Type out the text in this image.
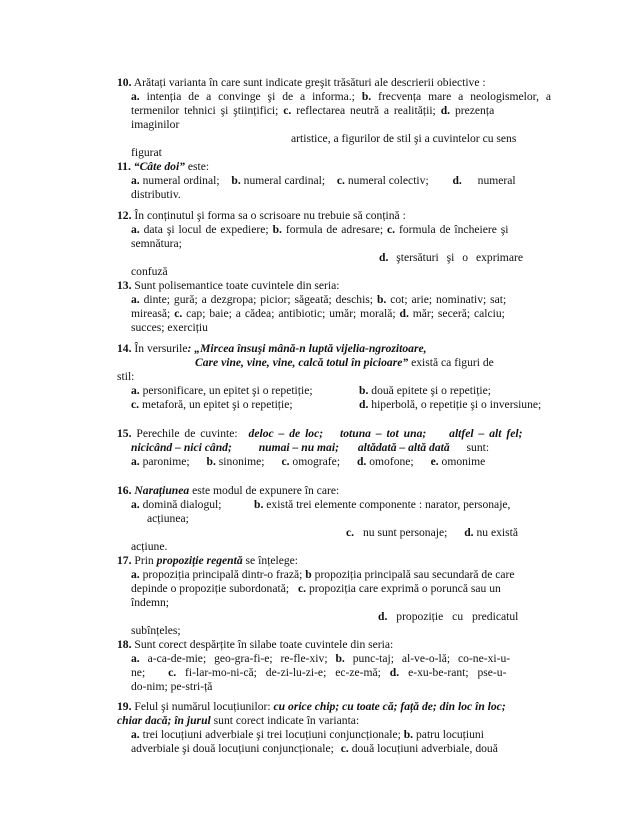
10. Arătați varianta în care sunt indicate greşit trăsături ale descrierii obiective :
a. intenția de a convinge şi de a informa.; b. frecvența mare a neologismelor, a
termenilor tehnici şi ştiințifici; c. reflectarea neutră a realității; d. prezența
imaginilor
artistice, a figurilor de stil şi a cuvintelor cu sens
figurat
11. “Câte doi” este:
a. numeral ordinal; b. numeral cardinal; c. numeral colectiv; d. numeral
distributiv.
12. În conținutul şi forma sa o scrisoare nu trebuie să conțină :
a. data şi locul de expediere; b. formula de adresare; c. formula de încheiere şi
semnătura;
d. ştersături şi o exprimare
confuză
13. Sunt polisemantice toate cuvintele din seria:
a. dinte; gură; a dezgropa; picior; săgeată; deschis; b. cot; arie; nominativ; sat;
mireasă; c. cap; baie; a cădea; antibiotic; umăr; morală; d. măr; seceră; calciu;
succes; exercițiu
14. În versurile: „Mircea însuşi mână-n luptă vijelia-ngrozitoare,
Care vine, vine, vine, calcă totul în picioare” există ca figuri de
stil:
a. personificare, un epitet şi o repetiție;	b. două epitete şi o repetiție;
c. metaforă, un epitet şi o repetiție;	d. hiperbolă, o repetiție şi o inversiune;
15. Perechile de cuvinte: deloc – de loc; totuna – tot una; altfel – alt fel;
nicicând – nici când; numai – nu mai; altădată – altă dată sunt:
a. paronime; b. sinonime; c. omografe; d. omofone; e. omonime
16. Narațiunea este modul de expunere în care:
a. domină dialogul;	b. există trei elemente componente : narator, personaje,
acțiunea;
c. nu sunt personaje; d. nu există
acțiune.
17. Prin propoziție regentă se înțelege:
a. propoziția principală dintr-o frază; b propoziția principală sau secundară de care
depinde o propoziție subordonată; c. propoziția care exprimă o poruncă sau un
îndemn;
d. propoziție cu predicatul
subînțeles;
18. Sunt corect despărțite în silabe toate cuvintele din seria:
a. a-ca-de-mie; geo-gra-fi-e; re-fle-xiv; b. punc-taj; al-ve-o-lă; co-ne-xi-u-
ne; c. fi-lar-mo-ni-că; de-zi-lu-zi-e; ec-ze-mă; d. e-xu-be-rant; pse-u-
do-nim; pe-stri-ță
19. Felul şi numărul locuțiunilor: cu orice chip; cu toate că; față de; din loc în loc;
chiar dacă; în jurul sunt corect indicate în varianta:
a. trei locuțiuni adverbiale şi trei locuțiuni conjuncționale; b. patru locuțiuni
adverbiale şi două locuțiuni conjuncționale; c. două locuțiuni adverbiale, două
